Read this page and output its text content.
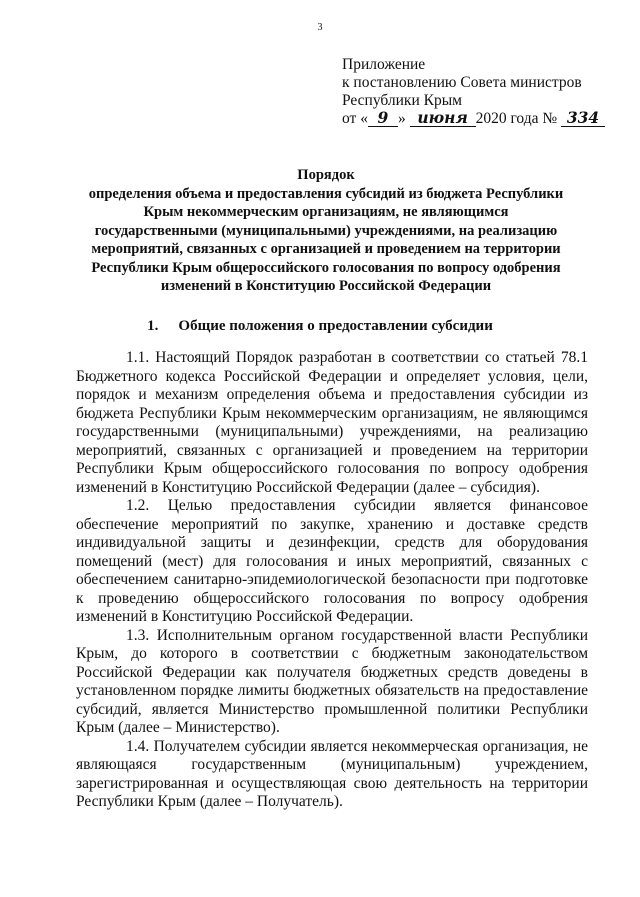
3
Приложение
к постановлению Совета министров
Республики Крым
от « 9 » июня 2020 года № 334
Порядок
определения объема и предоставления субсидий из бюджета Республики
Крым некоммерческим организациям, не являющимся
государственными (муниципальными) учреждениями, на реализацию
мероприятий, связанных с организацией и проведением на территории
Республики Крым общероссийского голосования по вопросу одобрения
изменений в Конституцию Российской Федерации
1. Общие положения о предоставлении субсидии
1.1. Настоящий Порядок разработан в соответствии со статьей 78.1
Бюджетного кодекса Российской Федерации и определяет условия, цели,
порядок и механизм определения объема и предоставления субсидии из
бюджета Республики Крым некоммерческим организациям, не являющимся
государственными (муниципальными) учреждениями, на реализацию
мероприятий, связанных с организацией и проведением на территории
Республики Крым общероссийского голосования по вопросу одобрения
изменений в Конституцию Российской Федерации (далее – субсидия).
1.2. Целью предоставления субсидии является финансовое
обеспечение мероприятий по закупке, хранению и доставке средств
индивидуальной защиты и дезинфекции, средств для оборудования
помещений (мест) для голосования и иных мероприятий, связанных с
обеспечением санитарно-эпидемиологической безопасности при подготовке
к проведению общероссийского голосования по вопросу одобрения
изменений в Конституцию Российской Федерации.
1.3. Исполнительным органом государственной власти Республики
Крым, до которого в соответствии с бюджетным законодательством
Российской Федерации как получателя бюджетных средств доведены в
установленном порядке лимиты бюджетных обязательств на предоставление
субсидий, является Министерство промышленной политики Республики
Крым (далее – Министерство).
1.4. Получателем субсидии является некоммерческая организация, не
являющаяся государственным (муниципальным) учреждением,
зарегистрированная и осуществляющая свою деятельность на территории
Республики Крым (далее – Получатель).
